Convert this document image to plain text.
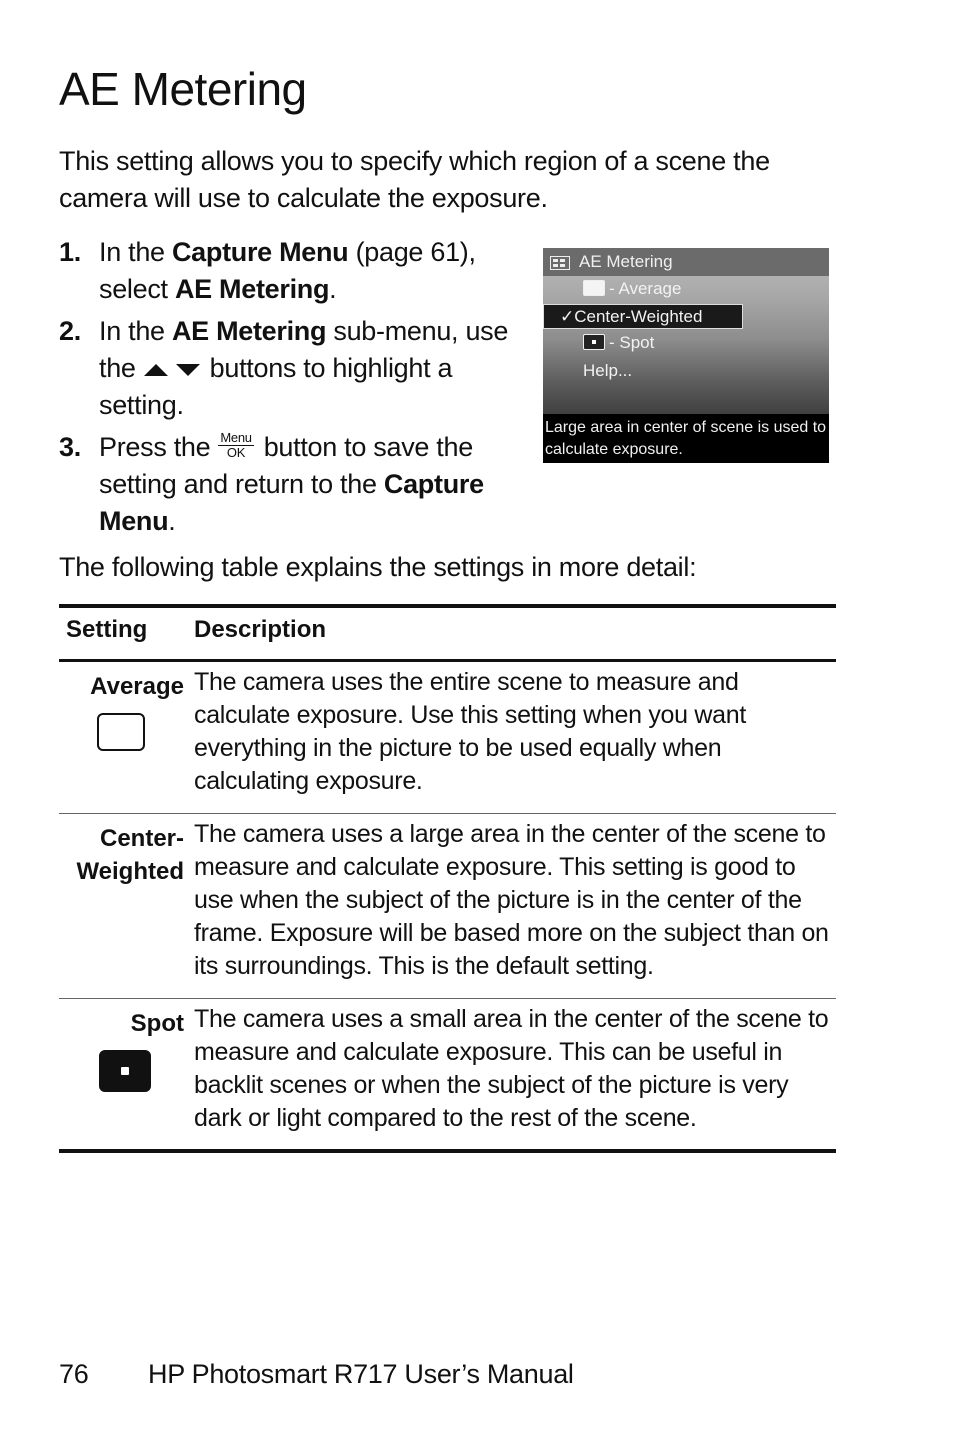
AE Metering

This setting allows you to specify which region of a scene the camera will use to calculate the exposure.

1. In the Capture Menu (page 61), select AE Metering.
2. In the AE Metering sub-menu, use the	buttons to highlight a setting.
3. Press the Menu
OK button to save the setting and return to the Capture Menu.
AE Metering
- Average
✓Center-Weighted
- Spot
Help...
Large area in center of scene is used to calculate exposure.

The following table explains the settings in more detail:

Setting Description
Average The camera uses the entire scene to measure and calculate exposure. Use this setting when you want everything in the picture to be used equally when calculating exposure.
Center-
Weighted
The camera uses a large area in the center of the scene to measure and calculate exposure. This setting is good to use when the subject of the picture is in the center of the frame. Exposure will be based more on the subject than on its surroundings. This is the default setting.
Spot The camera uses a small area in the center of the scene to measure and calculate exposure. This can be useful in backlit scenes or when the subject of the picture is very dark or light compared to the rest of the scene.
76 HP Photosmart R717 User’s Manual
